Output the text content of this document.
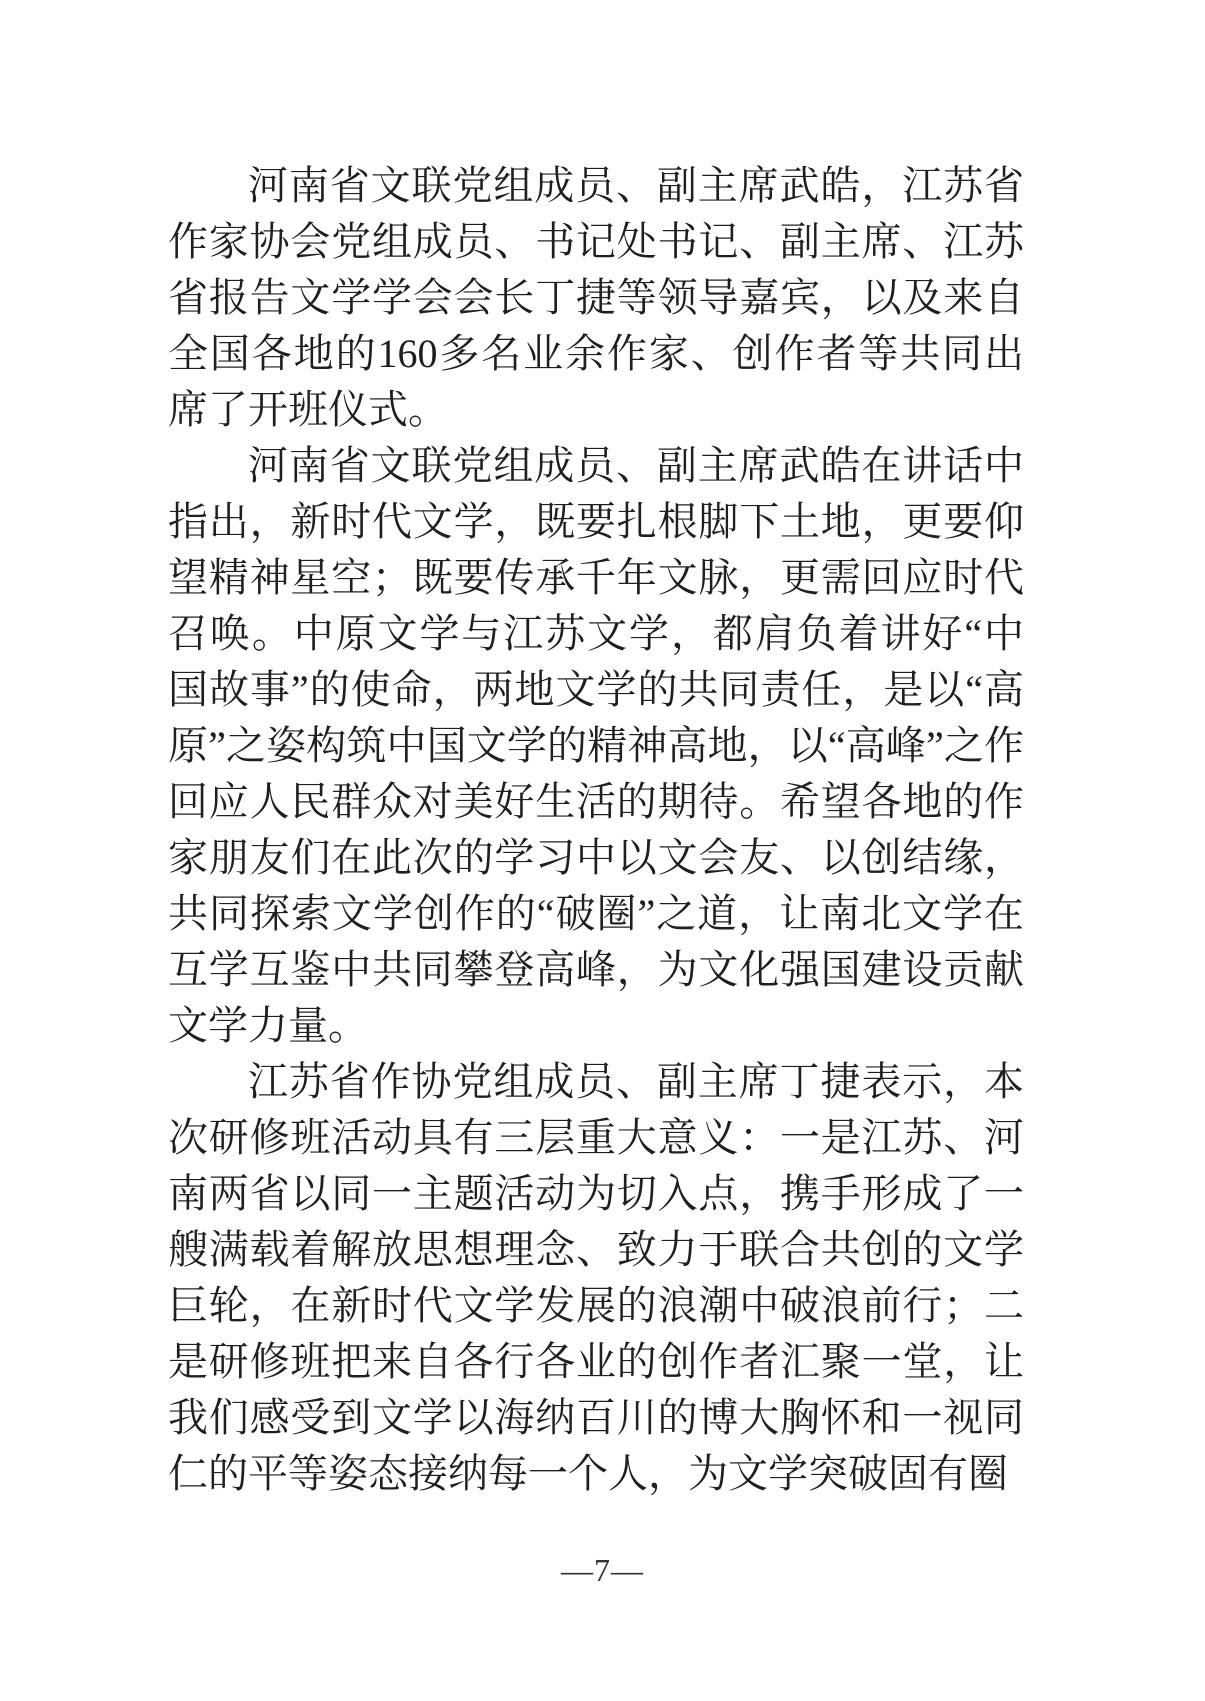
河南省文联党组成员、副主席武皓，江苏省作家协会党组成员、书记处书记、副主席、江苏省报告文学学会会长丁捷等领导嘉宾，以及来自全国各地的160多名业余作家、创作者等共同出席了开班仪式。

河南省文联党组成员、副主席武皓在讲话中指出，新时代文学，既要扎根脚下土地，更要仰望精神星空；既要传承千年文脉，更需回应时代召唤。中原文学与江苏文学，都肩负着讲好“中国故事”的使命，两地文学的共同责任，是以“高原”之姿构筑中国文学的精神高地，以“高峰”之作回应人民群众对美好生活的期待。希望各地的作家朋友们在此次的学习中以文会友、以创结缘，共同探索文学创作的“破圈”之道，让南北文学在互学互鉴中共同攀登高峰，为文化强国建设贡献文学力量。

江苏省作协党组成员、副主席丁捷表示，本次研修班活动具有三层重大意义：一是江苏、河南两省以同一主题活动为切入点，携手形成了一艘满载着解放思想理念、致力于联合共创的文学巨轮，在新时代文学发展的浪潮中破浪前行；二是研修班把来自各行各业的创作者汇聚一堂，让我们感受到文学以海纳百川的博大胸怀和一视同仁的平等姿态接纳每一个人，为文学突破固有圈

—7—
